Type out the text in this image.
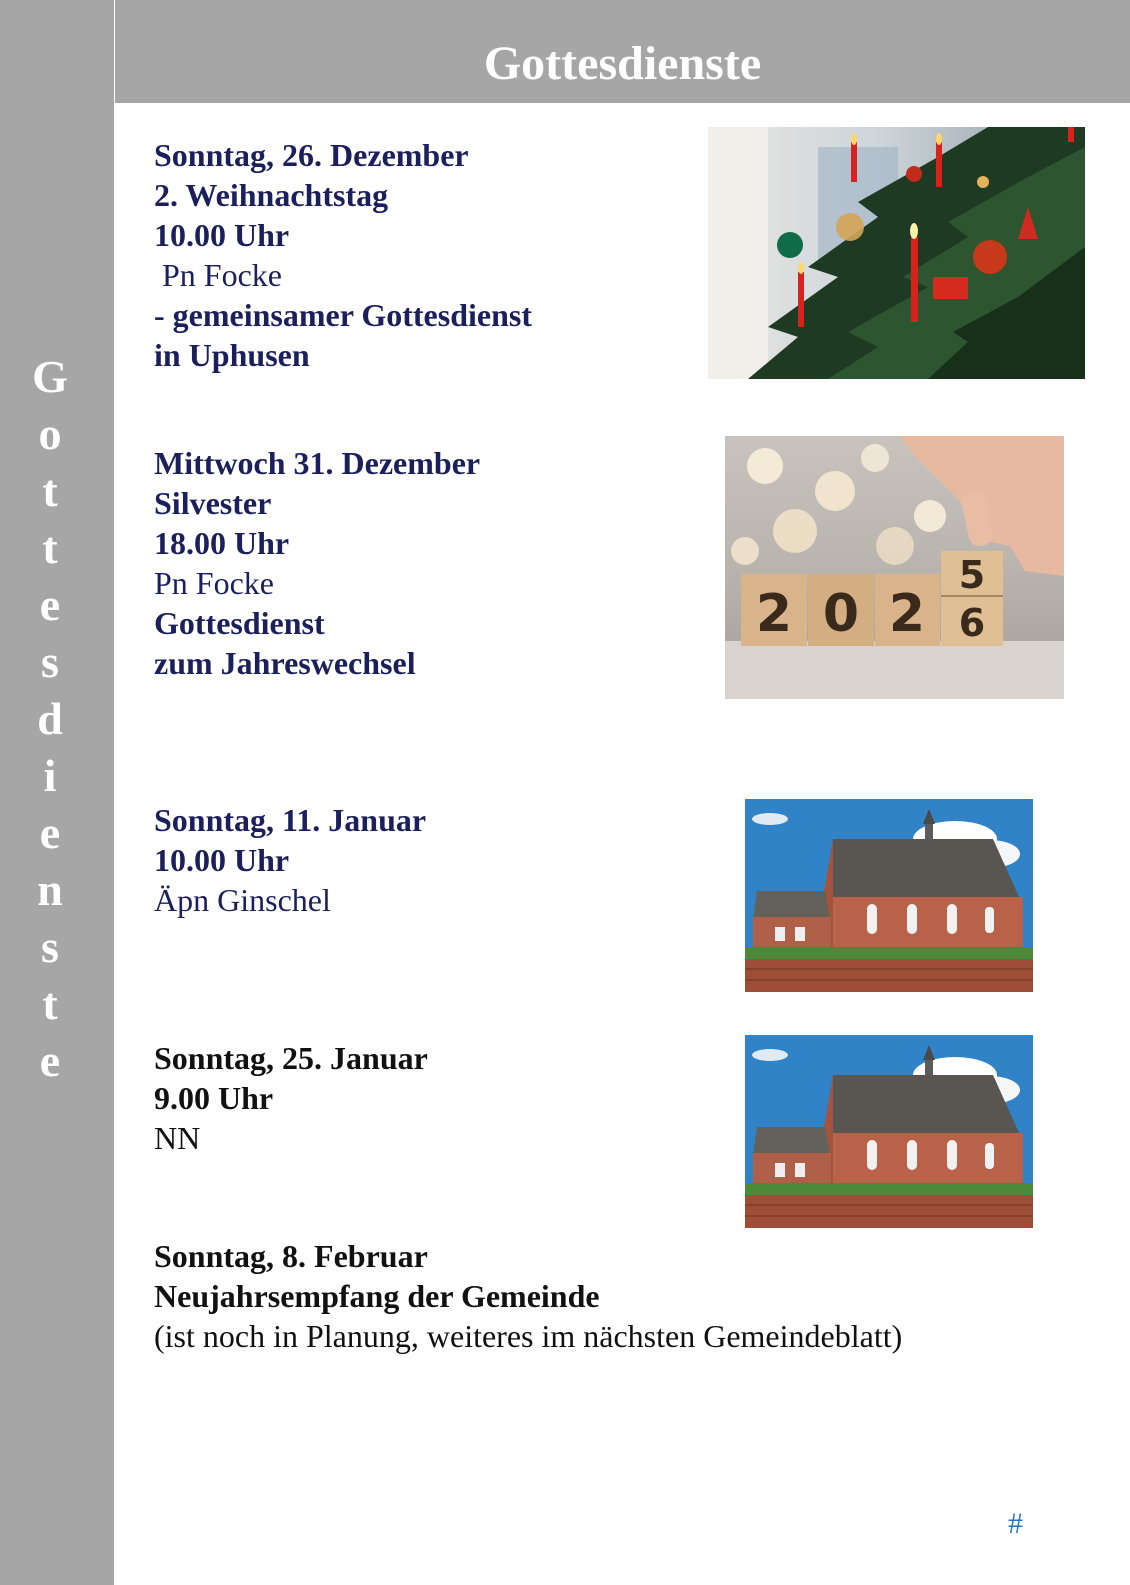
G
o
t
t
e
s
d
i
e
n
s
t
e
Gottesdienste
Sonntag, 26. Dezember
2. Weihnachtstag
10.00 Uhr
Pn Focke
- gemeinsamer Gottesdienst
in Uphusen
Mittwoch 31. Dezember
Silvester
18.00 Uhr
Pn Focke
Gottesdienst
zum Jahreswechsel
2 0 2
5
6
Sonntag, 11. Januar
10.00 Uhr
Äpn Ginschel
Sonntag, 25. Januar
9.00 Uhr
NN
Sonntag, 8. Februar
Neujahrsempfang der Gemeinde
(ist noch in Planung, weiteres im nächsten Gemeindeblatt)
#
